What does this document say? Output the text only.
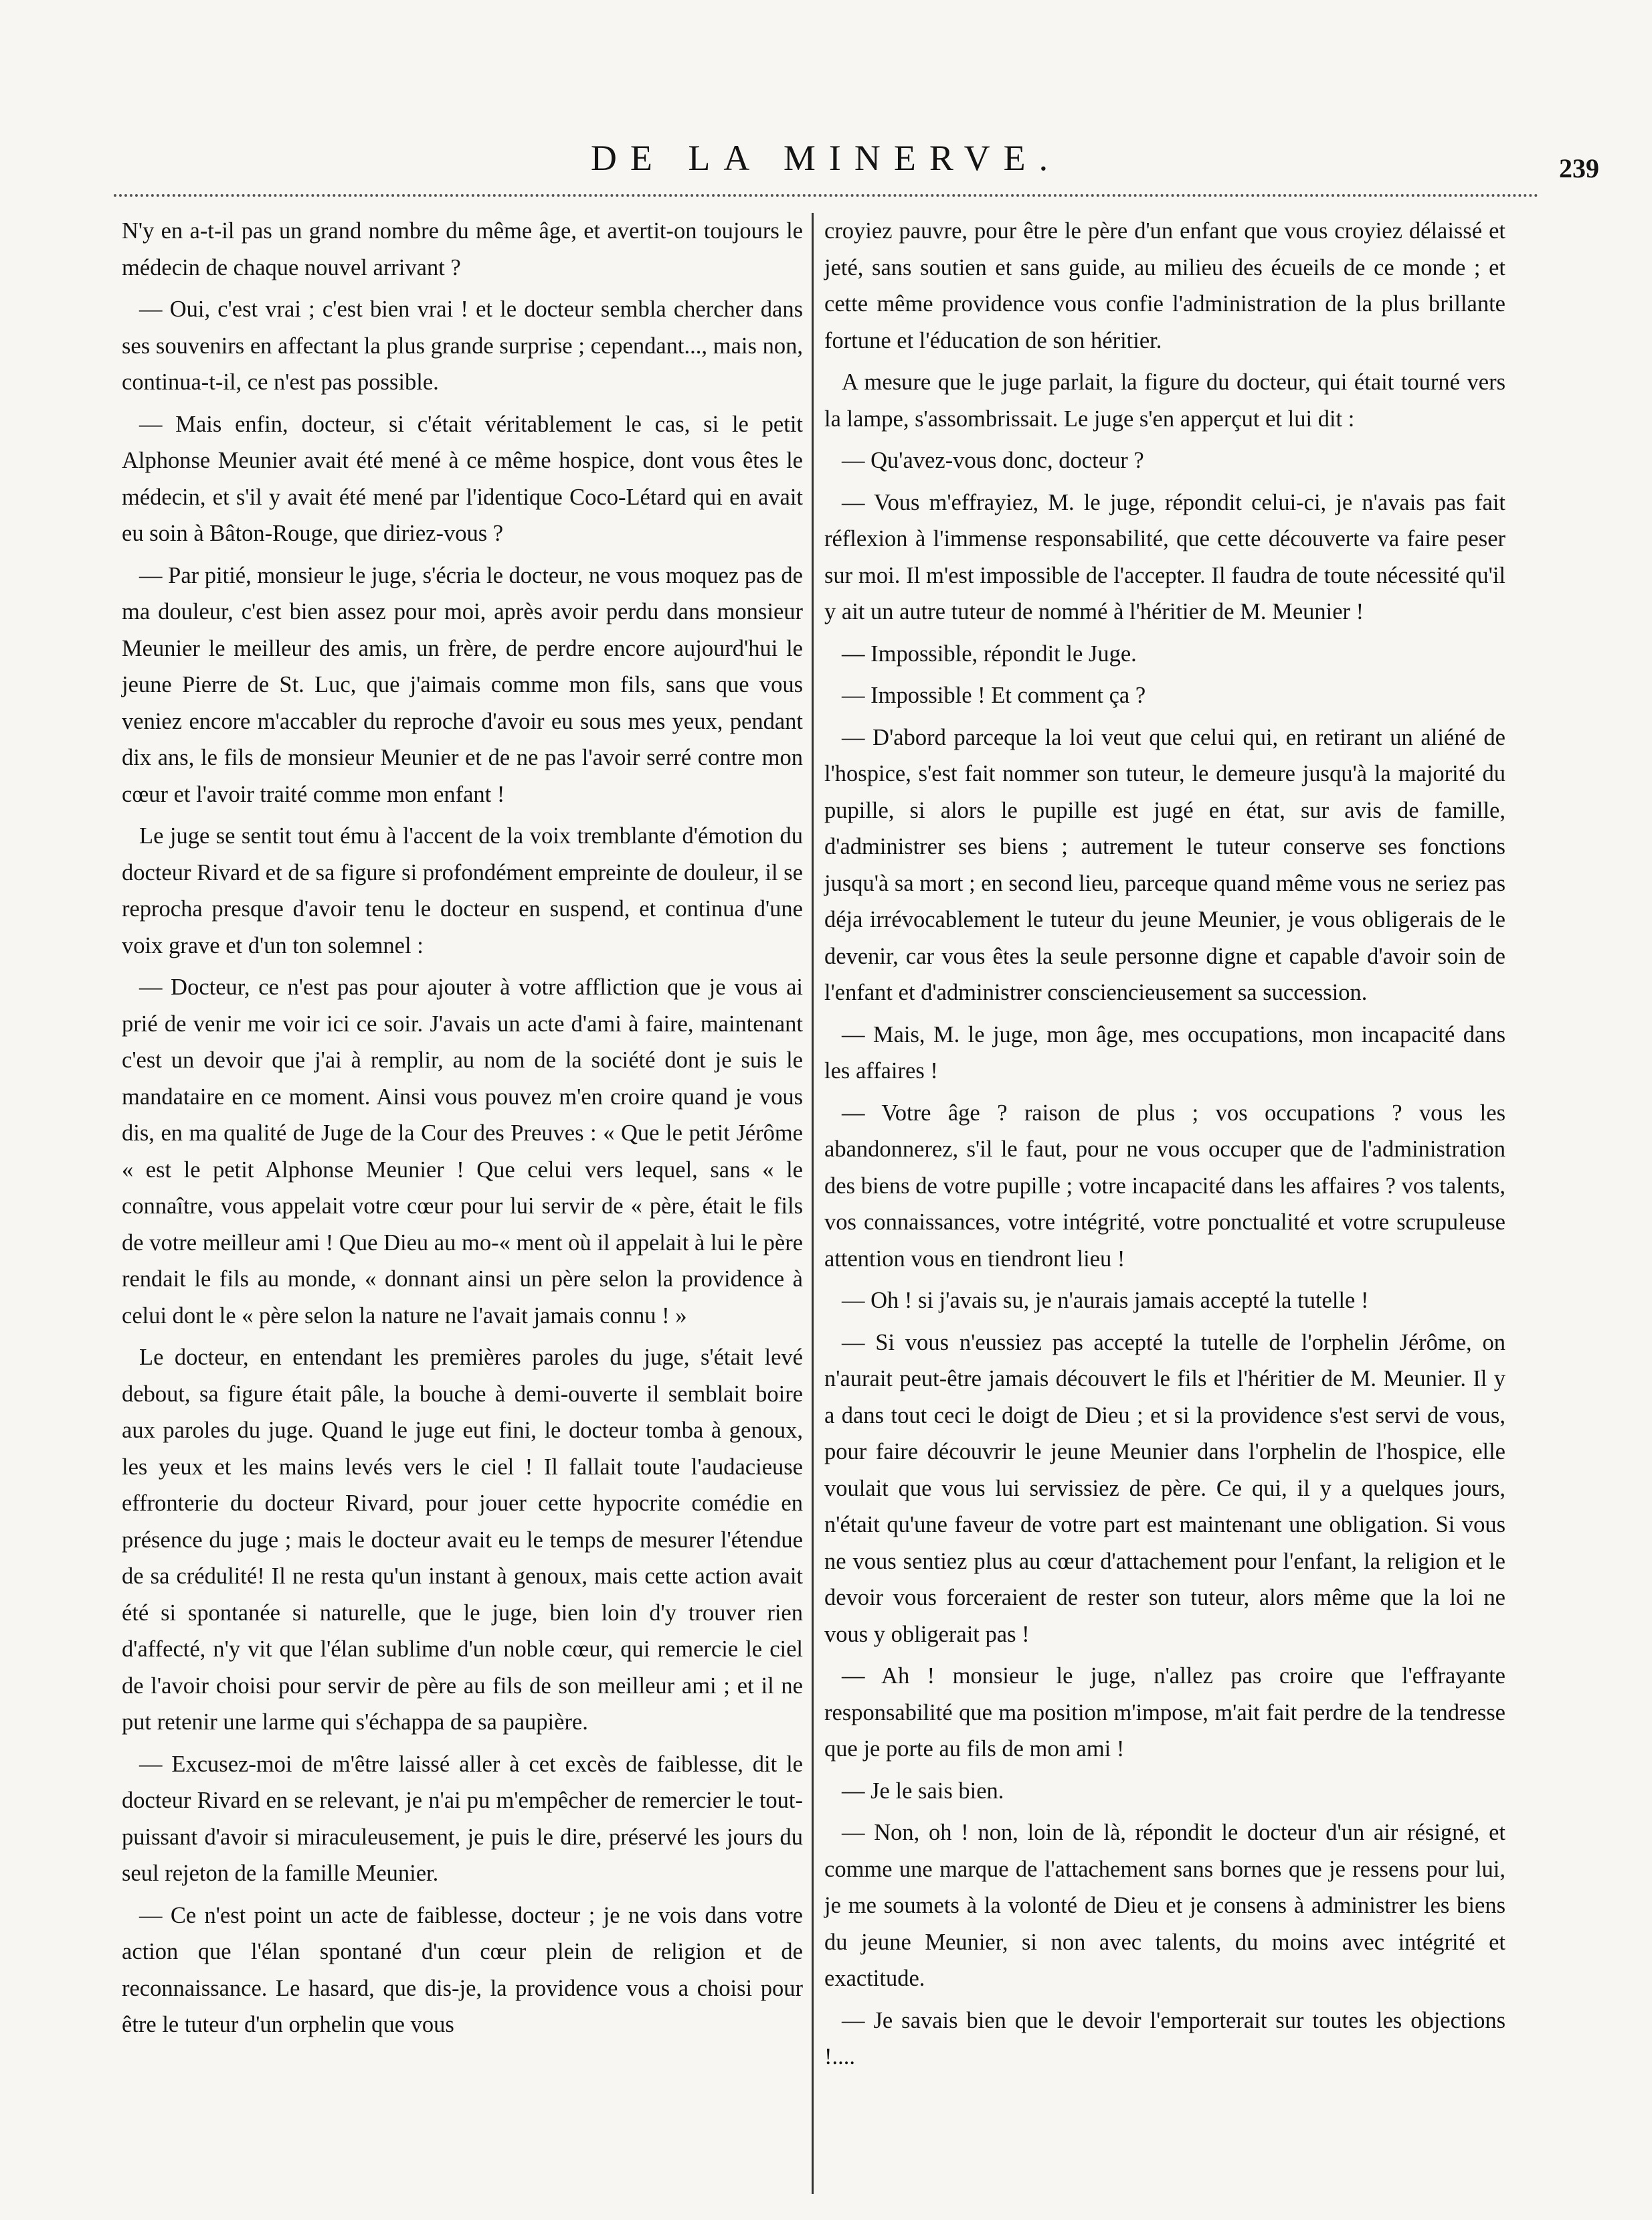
DE LA MINERVE.	239

N'y en a-t-il pas un grand nombre du même âge, et avertit-on toujours le médecin de chaque nouvel arrivant ?

— Oui, c'est vrai ; c'est bien vrai ! et le docteur sembla chercher dans ses souvenirs en affectant la plus grande surprise ; cependant..., mais non, continua-t-il, ce n'est pas possible.

— Mais enfin, docteur, si c'était véritablement le cas, si le petit Alphonse Meunier avait été mené à ce même hospice, dont vous êtes le médecin, et s'il y avait été mené par l'identique Coco-Létard qui en avait eu soin à Bâton-Rouge, que diriez-vous ?

— Par pitié, monsieur le juge, s'écria le docteur, ne vous moquez pas de ma douleur, c'est bien assez pour moi, après avoir perdu dans monsieur Meunier le meilleur des amis, un frère, de perdre encore aujourd'hui le jeune Pierre de St. Luc, que j'aimais comme mon fils, sans que vous veniez encore m'accabler du reproche d'avoir eu sous mes yeux, pendant dix ans, le fils de monsieur Meunier et de ne pas l'avoir serré contre mon cœur et l'avoir traité comme mon enfant !

Le juge se sentit tout ému à l'accent de la voix tremblante d'émotion du docteur Rivard et de sa figure si profondément empreinte de douleur, il se reprocha presque d'avoir tenu le docteur en suspend, et continua d'une voix grave et d'un ton solemnel :

— Docteur, ce n'est pas pour ajouter à votre affliction que je vous ai prié de venir me voir ici ce soir. J'avais un acte d'ami à faire, maintenant c'est un devoir que j'ai à remplir, au nom de la société dont je suis le mandataire en ce moment. Ainsi vous pouvez m'en croire quand je vous dis, en ma qualité de Juge de la Cour des Preuves : « Que le petit Jérôme « est le petit Alphonse Meunier ! Que celui vers lequel, sans « le connaître, vous appelait votre cœur pour lui servir de « père, était le fils de votre meilleur ami ! Que Dieu au mo-« ment où il appelait à lui le père rendait le fils au monde, « donnant ainsi un père selon la providence à celui dont le « père selon la nature ne l'avait jamais connu ! »

Le docteur, en entendant les premières paroles du juge, s'était levé debout, sa figure était pâle, la bouche à demi-ouverte il semblait boire aux paroles du juge. Quand le juge eut fini, le docteur tomba à genoux, les yeux et les mains levés vers le ciel ! Il fallait toute l'audacieuse effronterie du docteur Rivard, pour jouer cette hypocrite comédie en présence du juge ; mais le docteur avait eu le temps de mesurer l'étendue de sa crédulité! Il ne resta qu'un instant à genoux, mais cette action avait été si spontanée si naturelle, que le juge, bien loin d'y trouver rien d'affecté, n'y vit que l'élan sublime d'un noble cœur, qui remercie le ciel de l'avoir choisi pour servir de père au fils de son meilleur ami ; et il ne put retenir une larme qui s'échappa de sa paupière.

— Excusez-moi de m'être laissé aller à cet excès de faiblesse, dit le docteur Rivard en se relevant, je n'ai pu m'empêcher de remercier le tout-puissant d'avoir si miraculeusement, je puis le dire, préservé les jours du seul rejeton de la famille Meunier.

— Ce n'est point un acte de faiblesse, docteur ; je ne vois dans votre action que l'élan spontané d'un cœur plein de religion et de reconnaissance. Le hasard, que dis-je, la providence vous a choisi pour être le tuteur d'un orphelin que vous

croyiez pauvre, pour être le père d'un enfant que vous croyiez délaissé et jeté, sans soutien et sans guide, au milieu des écueils de ce monde ; et cette même providence vous confie l'administration de la plus brillante fortune et l'éducation de son héritier.

A mesure que le juge parlait, la figure du docteur, qui était tourné vers la lampe, s'assombrissait. Le juge s'en apperçut et lui dit :

— Qu'avez-vous donc, docteur ?

— Vous m'effrayiez, M. le juge, répondit celui-ci, je n'avais pas fait réflexion à l'immense responsabilité, que cette découverte va faire peser sur moi. Il m'est impossible de l'accepter. Il faudra de toute nécessité qu'il y ait un autre tuteur de nommé à l'héritier de M. Meunier !

— Impossible, répondit le Juge.

— Impossible ! Et comment ça ?

— D'abord parceque la loi veut que celui qui, en retirant un aliéné de l'hospice, s'est fait nommer son tuteur, le demeure jusqu'à la majorité du pupille, si alors le pupille est jugé en état, sur avis de famille, d'administrer ses biens ; autrement le tuteur conserve ses fonctions jusqu'à sa mort ; en second lieu, parceque quand même vous ne seriez pas déja irrévocablement le tuteur du jeune Meunier, je vous obligerais de le devenir, car vous êtes la seule personne digne et capable d'avoir soin de l'enfant et d'administrer consciencieusement sa succession.

— Mais, M. le juge, mon âge, mes occupations, mon incapacité dans les affaires !

— Votre âge ? raison de plus ; vos occupations ? vous les abandonnerez, s'il le faut, pour ne vous occuper que de l'administration des biens de votre pupille ; votre incapacité dans les affaires ? vos talents, vos connaissances, votre intégrité, votre ponctualité et votre scrupuleuse attention vous en tiendront lieu !

— Oh ! si j'avais su, je n'aurais jamais accepté la tutelle !

— Si vous n'eussiez pas accepté la tutelle de l'orphelin Jérôme, on n'aurait peut-être jamais découvert le fils et l'héritier de M. Meunier. Il y a dans tout ceci le doigt de Dieu ; et si la providence s'est servi de vous, pour faire découvrir le jeune Meunier dans l'orphelin de l'hospice, elle voulait que vous lui servissiez de père. Ce qui, il y a quelques jours, n'était qu'une faveur de votre part est maintenant une obligation. Si vous ne vous sentiez plus au cœur d'attachement pour l'enfant, la religion et le devoir vous forceraient de rester son tuteur, alors même que la loi ne vous y obligerait pas !

— Ah ! monsieur le juge, n'allez pas croire que l'effrayante responsabilité que ma position m'impose, m'ait fait perdre de la tendresse que je porte au fils de mon ami !

— Je le sais bien.

— Non, oh ! non, loin de là, répondit le docteur d'un air résigné, et comme une marque de l'attachement sans bornes que je ressens pour lui, je me soumets à la volonté de Dieu et je consens à administrer les biens du jeune Meunier, si non avec talents, du moins avec intégrité et exactitude.

— Je savais bien que le devoir l'emporterait sur toutes les objections !....
